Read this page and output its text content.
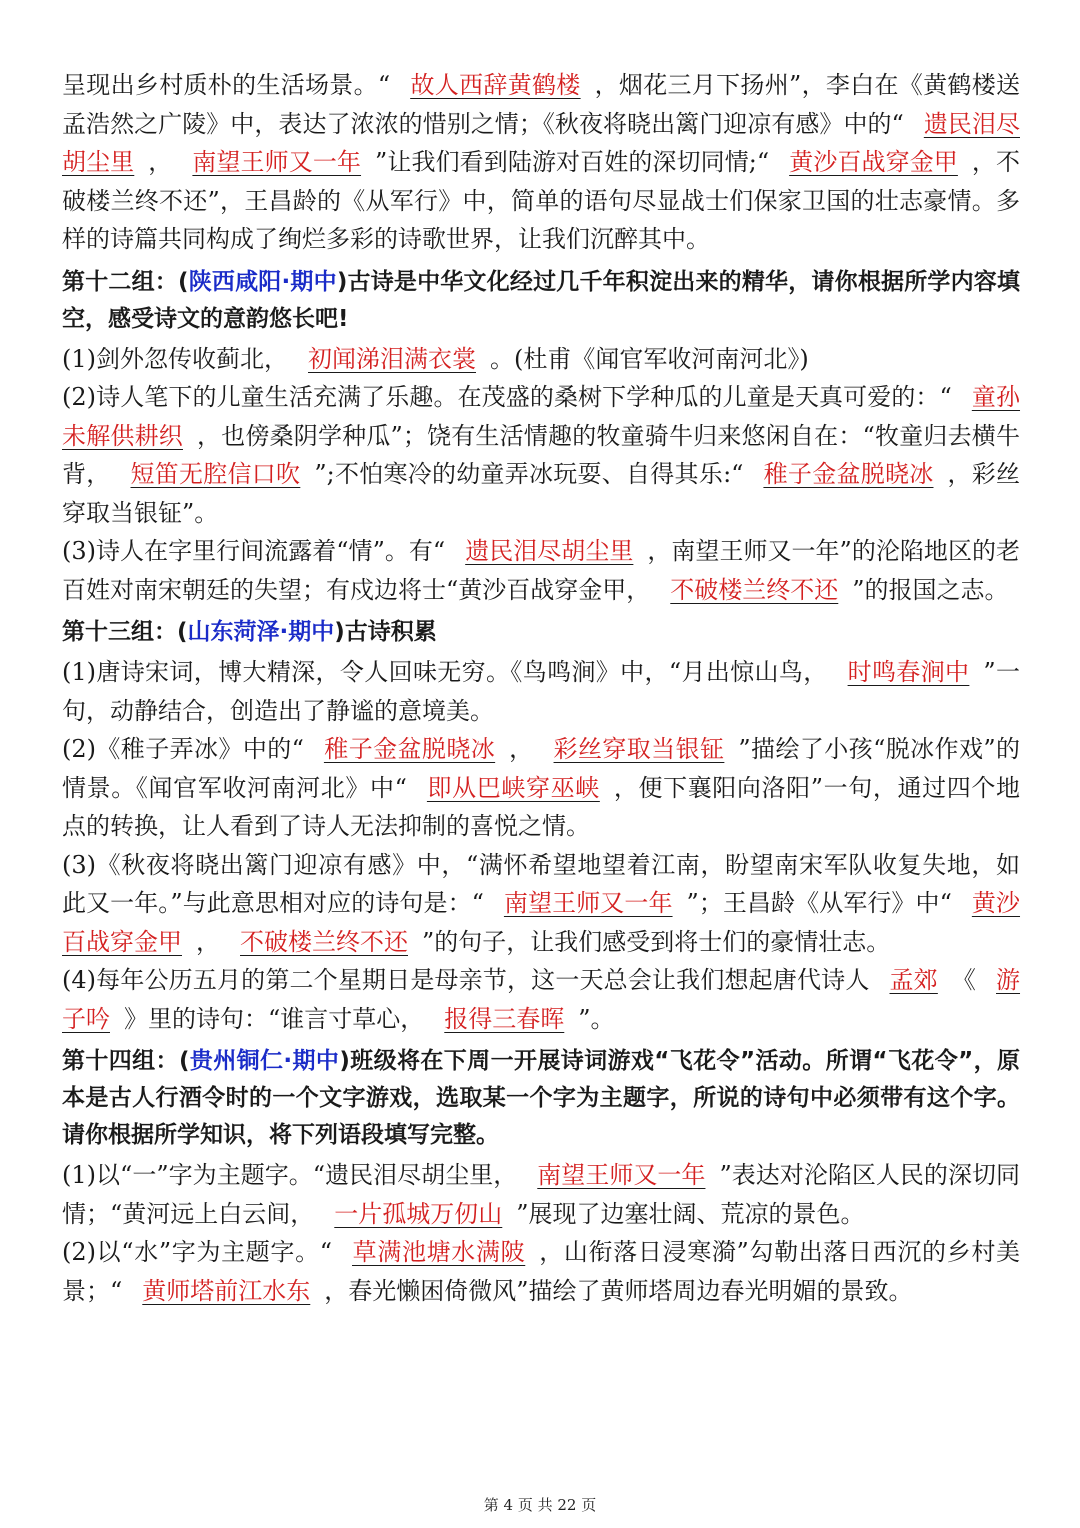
呈现出乡村质朴的生活场景。“ 故人西辞黄鹤楼 ，烟花三月下扬州”，李白在《黄鹤楼送孟浩然之广陵》中，表达了浓浓的惜别之情；《秋夜将晓出篱门迎凉有感》中的“ 遗民泪尽胡尘里 ， 南望王师又一年 ”让我们看到陆游对百姓的深切同情;“ 黄沙百战穿金甲 ，不破楼兰终不还”，王昌龄的《从军行》中，简单的语句尽显战士们保家卫国的壮志豪情。多样的诗篇共同构成了绚烂多彩的诗歌世界，让我们沉醉其中。

第十二组：(陕西咸阳·期中)古诗是中华文化经过几千年积淀出来的精华，请你根据所学内容填空，感受诗文的意韵悠长吧!

(1)剑外忽传收蓟北， 初闻涕泪满衣裳 。(杜甫《闻官军收河南河北》)

(2)诗人笔下的儿童生活充满了乐趣。在茂盛的桑树下学种瓜的儿童是天真可爱的：“ 童孙未解供耕织 ，也傍桑阴学种瓜”；饶有生活情趣的牧童骑牛归来悠闲自在：“牧童归去横牛背， 短笛无腔信口吹 ”;不怕寒冷的幼童弄冰玩耍、自得其乐:“ 稚子金盆脱晓冰 ，彩丝穿取当银钲”。

(3)诗人在字里行间流露着“情”。有“ 遗民泪尽胡尘里 ，南望王师又一年”的沦陷地区的老百姓对南宋朝廷的失望；有戍边将士“黄沙百战穿金甲， 不破楼兰终不还 ”的报国之志。

第十三组：(山东菏泽·期中)古诗积累

(1)唐诗宋词，博大精深，令人回味无穷。《鸟鸣涧》中，“月出惊山鸟， 时鸣春涧中 ”一句，动静结合，创造出了静谧的意境美。

(2)《稚子弄冰》中的“ 稚子金盆脱晓冰 ， 彩丝穿取当银钲 ”描绘了小孩“脱冰作戏”的情景。《闻官军收河南河北》中“ 即从巴峡穿巫峡 ，便下襄阳向洛阳”一句，通过四个地点的转换，让人看到了诗人无法抑制的喜悦之情。

(3)《秋夜将晓出篱门迎凉有感》中，“满怀希望地望着江南，盼望南宋军队收复失地，如此又一年。”与此意思相对应的诗句是：“ 南望王师又一年 ”；王昌龄《从军行》中“ 黄沙百战穿金甲 ， 不破楼兰终不还 ”的句子，让我们感受到将士们的豪情壮志。

(4)每年公历五月的第二个星期日是母亲节，这一天总会让我们想起唐代诗人 孟郊 《 游子吟 》里的诗句：“谁言寸草心， 报得三春晖 ”。

第十四组：(贵州铜仁·期中)班级将在下周一开展诗词游戏“飞花令”活动。所谓“飞花令”，原本是古人行酒令时的一个文字游戏，选取某一个字为主题字，所说的诗句中必须带有这个字。请你根据所学知识，将下列语段填写完整。

(1)以“一”字为主题字。“遗民泪尽胡尘里， 南望王师又一年 ”表达对沦陷区人民的深切同情；“黄河远上白云间， 一片孤城万仞山 ”展现了边塞壮阔、荒凉的景色。

(2)以“水”字为主题字。“ 草满池塘水满陂 ，山衔落日浸寒漪”勾勒出落日西沉的乡村美景；“ 黄师塔前江水东 ，春光懒困倚微风”描绘了黄师塔周边春光明媚的景致。

第 4 页 共 22 页
